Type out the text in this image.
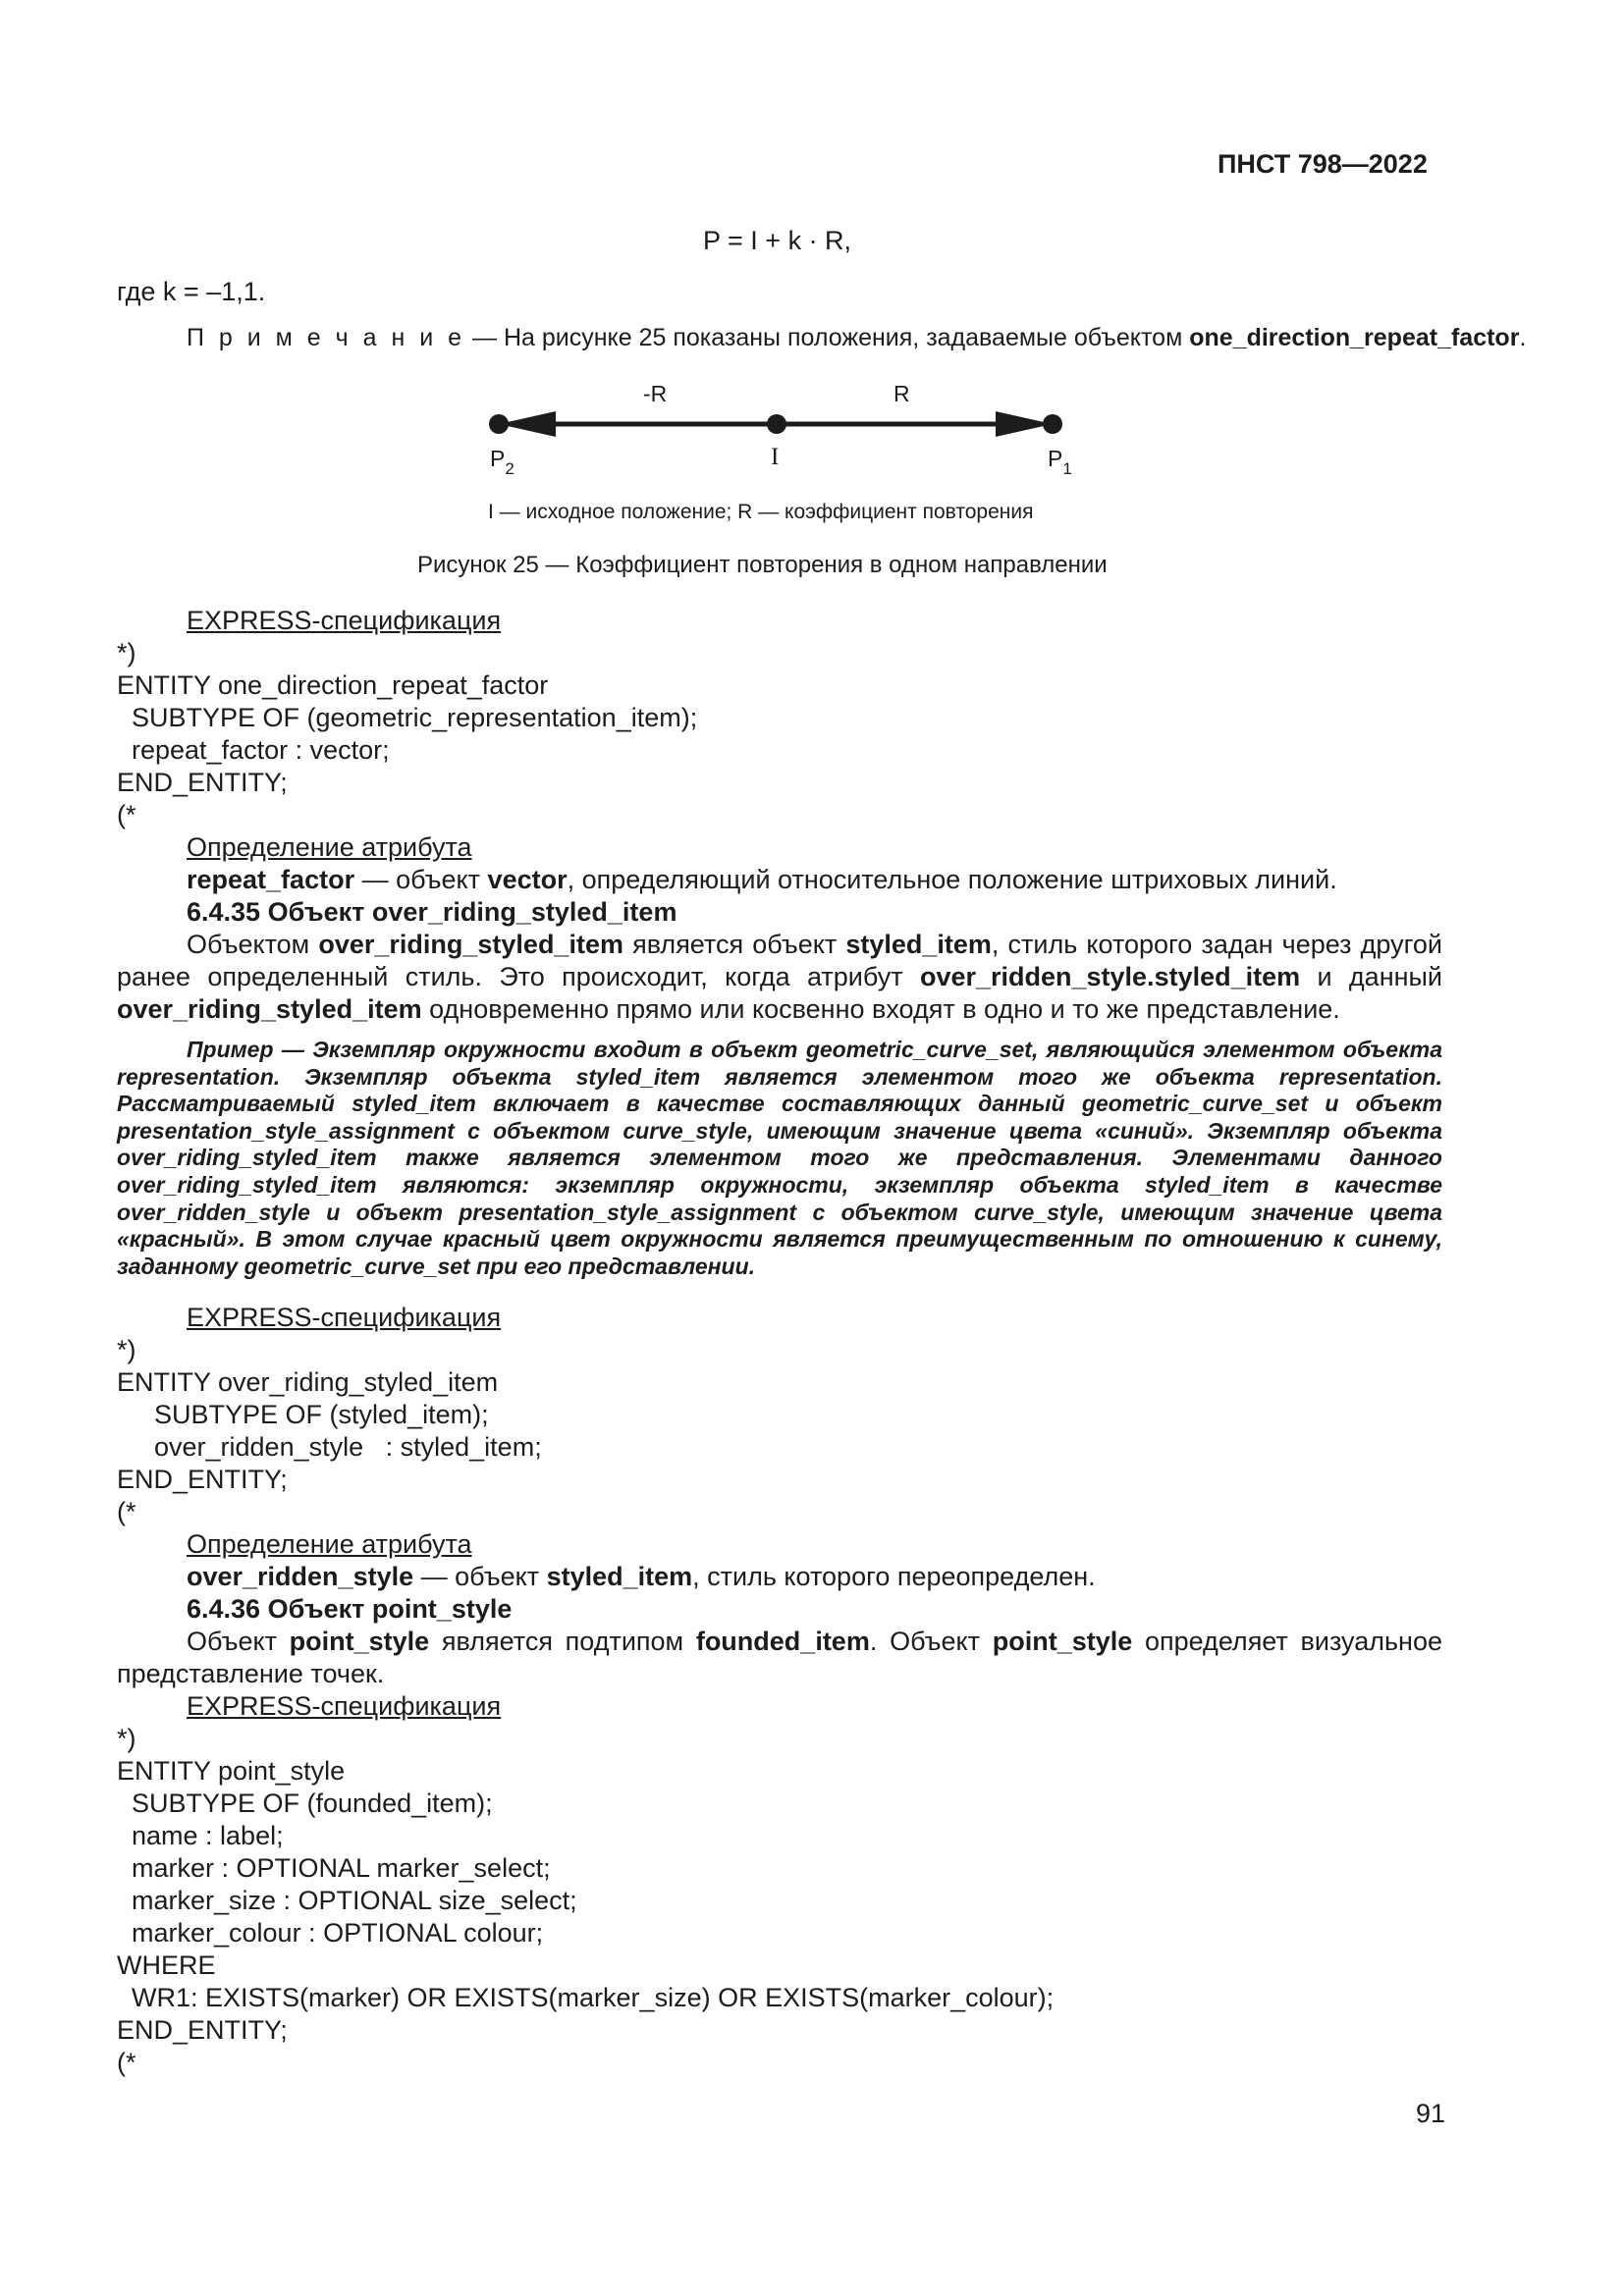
ПНСТ 798—2022
P = I + k · R,
где k = –1,1.
П р и м е ч а н и е — На рисунке 25 показаны положения, задаваемые объектом one_direction_repeat_factor.
-R	R
$P_2$	I	$P_1$
I — исходное положение; R — коэффициент повторения
Рисунок 25 — Коэффициент повторения в одном направлении
EXPRESS-спецификация
*)
ENTITY one_direction_repeat_factor
SUBTYPE OF (geometric_representation_item);
repeat_factor : vector;
END_ENTITY;
(*
Определение атрибута
repeat_factor — объект vector, определяющий относительное положение штриховых линий.
6.4.35 Объект over_riding_styled_item
Объектом over_riding_styled_item является объект styled_item, стиль которого задан через другой ранее определенный стиль. Это происходит, когда атрибут over_ridden_style.styled_item и данный over_riding_styled_item одновременно прямо или косвенно входят в одно и то же представление.
Пример — Экземпляр окружности входит в объект geometric_curve_set, являющийся элементом объекта representation. Экземпляр объекта styled_item является элементом того же объекта representation. Рассматриваемый styled_item включает в качестве составляющих данный geometric_curve_set и объект presentation_style_assignment с объектом curve_style, имеющим значение цвета «синий». Экземпляр объекта over_riding_styled_item также является элементом того же представления. Элементами данного over_riding_styled_item являются: экземпляр окружности, экземпляр объекта styled_item в качестве over_ridden_style и объект presentation_style_assignment с объектом curve_style, имеющим значение цвета «красный». В этом случае красный цвет окружности является преимущественным по отношению к синему, заданному geometric_curve_set при его представлении.
EXPRESS-спецификация
*)
ENTITY over_riding_styled_item
SUBTYPE OF (styled_item);
over_ridden_style   : styled_item;
END_ENTITY;
(*
Определение атрибута
over_ridden_style — объект styled_item, стиль которого переопределен.
6.4.36 Объект point_style
Объект point_style является подтипом founded_item. Объект point_style определяет визуальное представление точек.
EXPRESS-спецификация
*)
ENTITY point_style
SUBTYPE OF (founded_item);
name : label;
marker : OPTIONAL marker_select;
marker_size : OPTIONAL size_select;
marker_colour : OPTIONAL colour;
WHERE
WR1: EXISTS(marker) OR EXISTS(marker_size) OR EXISTS(marker_colour);
END_ENTITY;
(*
91
